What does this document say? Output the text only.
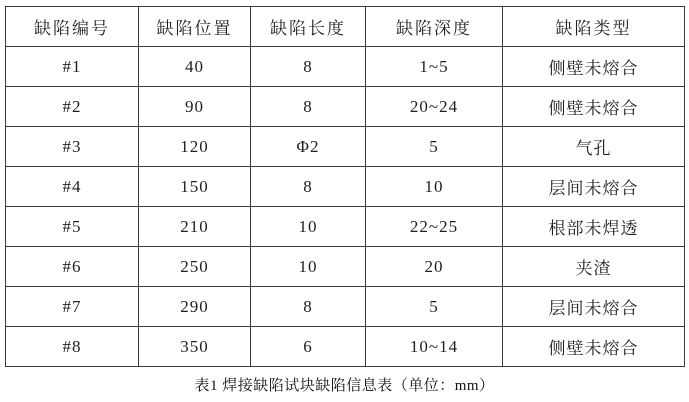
缺陷编号	缺陷位置	缺陷长度	缺陷深度	缺陷类型
#1	40	8	1~5	侧壁未熔合
#2	90	8	20~24	侧壁未熔合
#3	120	Φ2	5	气孔
#4	150	8	10	层间未熔合
#5	210	10	22~25	根部未焊透
#6	250	10	20	夹渣
#7	290	8	5	层间未熔合
#8	350	6	10~14	侧壁未熔合
表1 焊接缺陷试块缺陷信息表（单位：mm）
